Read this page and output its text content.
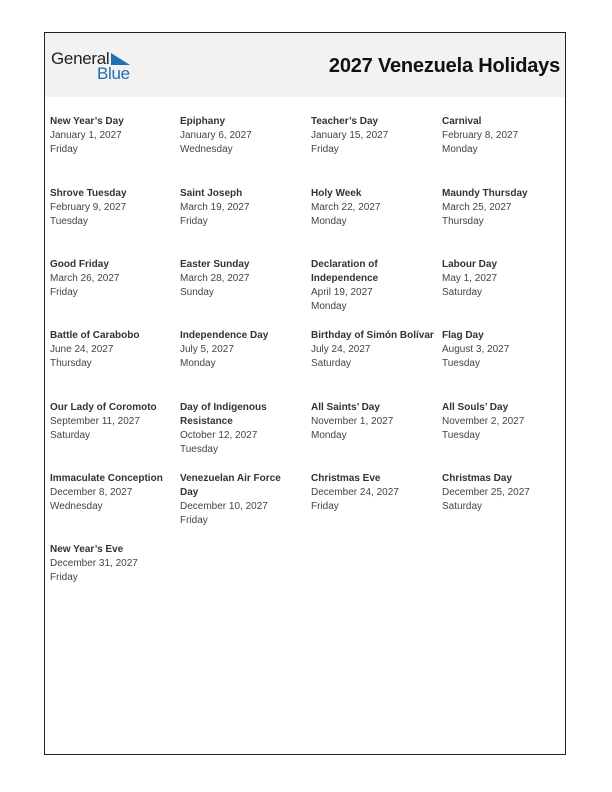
General
Blue	2027 Venezuela Holidays
New Year’s Day
January 1, 2027
Friday
Epiphany
January 6, 2027
Wednesday
Teacher’s Day
January 15, 2027
Friday
Carnival
February 8, 2027
Monday
Shrove Tuesday
February 9, 2027
Tuesday
Saint Joseph
March 19, 2027
Friday
Holy Week
March 22, 2027
Monday
Maundy Thursday
March 25, 2027
Thursday
Good Friday
March 26, 2027
Friday
Easter Sunday
March 28, 2027
Sunday
Declaration of Independence
April 19, 2027
Monday
Labour Day
May 1, 2027
Saturday
Battle of Carabobo
June 24, 2027
Thursday
Independence Day
July 5, 2027
Monday
Birthday of Simón Bolívar
July 24, 2027
Saturday
Flag Day
August 3, 2027
Tuesday
Our Lady of Coromoto
September 11, 2027
Saturday
Day of Indigenous Resistance
October 12, 2027
Tuesday
All Saints’ Day
November 1, 2027
Monday
All Souls’ Day
November 2, 2027
Tuesday
Immaculate Conception
December 8, 2027
Wednesday
Venezuelan Air Force Day
December 10, 2027
Friday
Christmas Eve
December 24, 2027
Friday
Christmas Day
December 25, 2027
Saturday
New Year’s Eve
December 31, 2027
Friday
